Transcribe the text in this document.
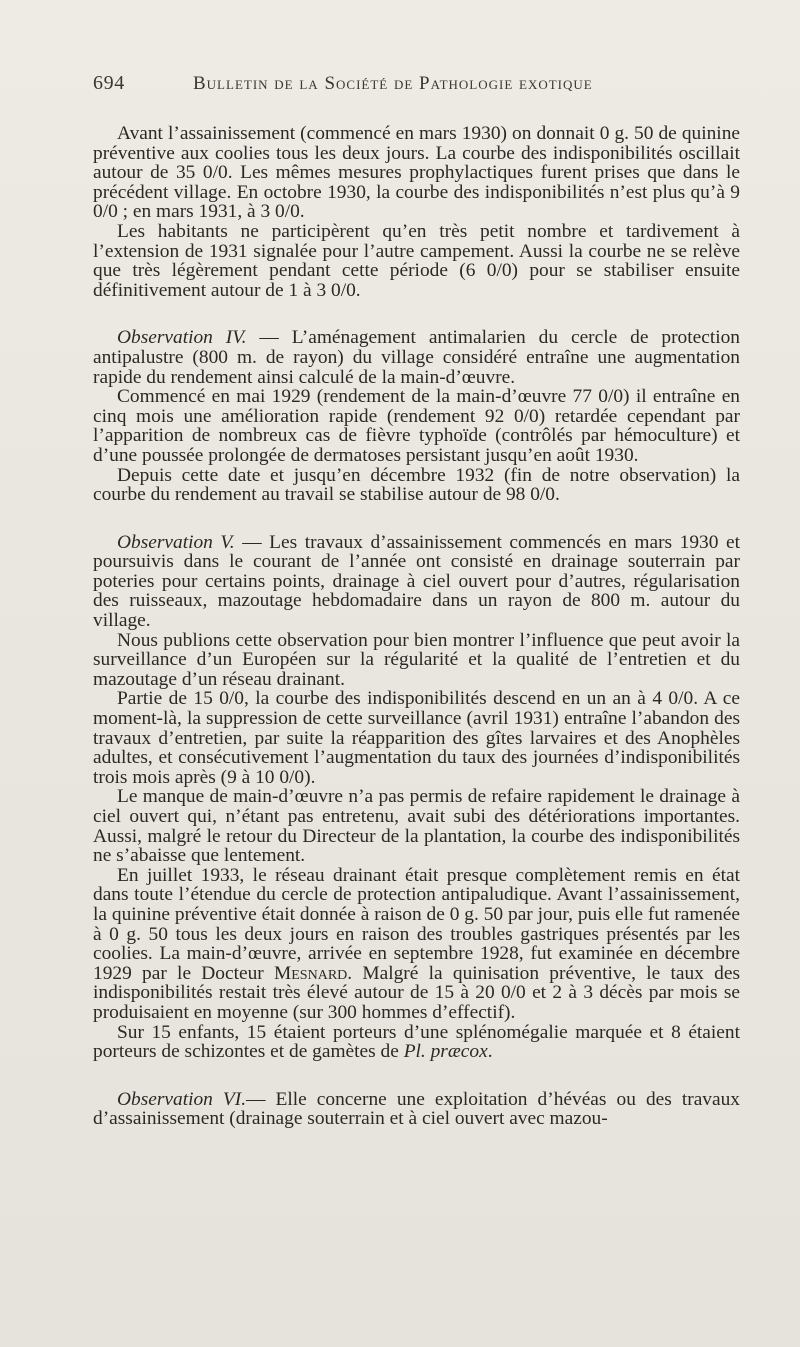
694	Bulletin de la Société de Pathologie exotique

Avant l’assainissement (commencé en mars 1930) on donnait 0 g. 50 de quinine préventive aux coolies tous les deux jours. La courbe des indisponibilités oscillait autour de 35 0/0. Les mêmes mesures prophylactiques furent prises que dans le précédent village. En octobre 1930, la courbe des indisponibilités n’est plus qu’à 9 0/0 ; en mars 1931, à 3 0/0.

Les habitants ne participèrent qu’en très petit nombre et tardivement à l’extension de 1931 signalée pour l’autre campement. Aussi la courbe ne se relève que très légèrement pendant cette période (6 0/0) pour se stabiliser ensuite définitivement autour de 1 à 3 0/0.

Observation IV. — L’aménagement antimalarien du cercle de protection antipalustre (800 m. de rayon) du village considéré entraîne une augmentation rapide du rendement ainsi calculé de la main-d’œuvre.

Commencé en mai 1929 (rendement de la main-d’œuvre 77 0/0) il entraîne en cinq mois une amélioration rapide (rendement 92 0/0) retardée cependant par l’apparition de nombreux cas de fièvre typhoïde (contrôlés par hémoculture) et d’une poussée prolongée de dermatoses persistant jusqu’en août 1930.

Depuis cette date et jusqu’en décembre 1932 (fin de notre observation) la courbe du rendement au travail se stabilise autour de 98 0/0.

Observation V. — Les travaux d’assainissement commencés en mars 1930 et poursuivis dans le courant de l’année ont consisté en drainage souterrain par poteries pour certains points, drainage à ciel ouvert pour d’autres, régularisation des ruisseaux, mazoutage hebdomadaire dans un rayon de 800 m. autour du village.

Nous publions cette observation pour bien montrer l’influence que peut avoir la surveillance d’un Européen sur la régularité et la qualité de l’entretien et du mazoutage d’un réseau drainant.

Partie de 15 0/0, la courbe des indisponibilités descend en un an à 4 0/0. A ce moment-là, la suppression de cette surveillance (avril 1931) entraîne l’abandon des travaux d’entretien, par suite la réapparition des gîtes larvaires et des Anophèles adultes, et consécutivement l’augmentation du taux des journées d’indisponibilités trois mois après (9 à 10 0/0).

Le manque de main-d’œuvre n’a pas permis de refaire rapidement le drainage à ciel ouvert qui, n’étant pas entretenu, avait subi des détériorations importantes. Aussi, malgré le retour du Directeur de la plantation, la courbe des indisponibilités ne s’abaisse que lentement.

En juillet 1933, le réseau drainant était presque complètement remis en état dans toute l’étendue du cercle de protection antipaludique. Avant l’assainissement, la quinine préventive était donnée à raison de 0 g. 50 par jour, puis elle fut ramenée à 0 g. 50 tous les deux jours en raison des troubles gastriques présentés par les coolies. La main-d’œuvre, arrivée en septembre 1928, fut examinée en décembre 1929 par le Docteur Mesnard. Malgré la quinisation préventive, le taux des indisponibilités restait très élevé autour de 15 à 20 0/0 et 2 à 3 décès par mois se produisaient en moyenne (sur 300 hommes d’effectif).

Sur 15 enfants, 15 étaient porteurs d’une splénomégalie marquée et 8 étaient porteurs de schizontes et de gamètes de Pl. præcox.

Observation VI.— Elle concerne une exploitation d’hévéas ou des travaux d’assainissement (drainage souterrain et à ciel ouvert avec mazou-
